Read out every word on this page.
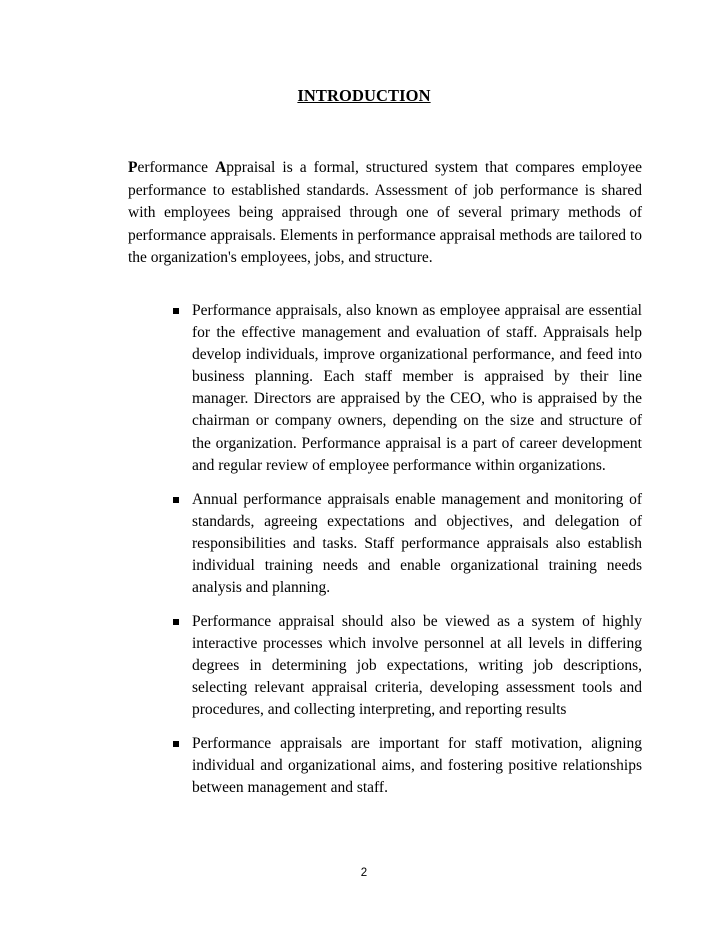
INTRODUCTION

Performance Appraisal is a formal, structured system that compares employee performance to established standards. Assessment of job performance is shared with employees being appraised through one of several primary methods of performance appraisals. Elements in performance appraisal methods are tailored to the organization's employees, jobs, and structure.

Performance appraisals, also known as employee appraisal are essential for the effective management and evaluation of staff. Appraisals help develop individuals, improve organizational performance, and feed into business planning. Each staff member is appraised by their line manager. Directors are appraised by the CEO, who is appraised by the chairman or company owners, depending on the size and structure of the organization. Performance appraisal is a part of career development and regular review of employee performance within organizations.
Annual performance appraisals enable management and monitoring of standards, agreeing expectations and objectives, and delegation of responsibilities and tasks. Staff performance appraisals also establish individual training needs and enable organizational training needs analysis and planning.
Performance appraisal should also be viewed as a system of highly interactive processes which involve personnel at all levels in differing degrees in determining job expectations, writing job descriptions, selecting relevant appraisal criteria, developing assessment tools and procedures, and collecting interpreting, and reporting results
Performance appraisals are important for staff motivation, aligning individual and organizational aims, and fostering positive relationships between management and staff.
2
